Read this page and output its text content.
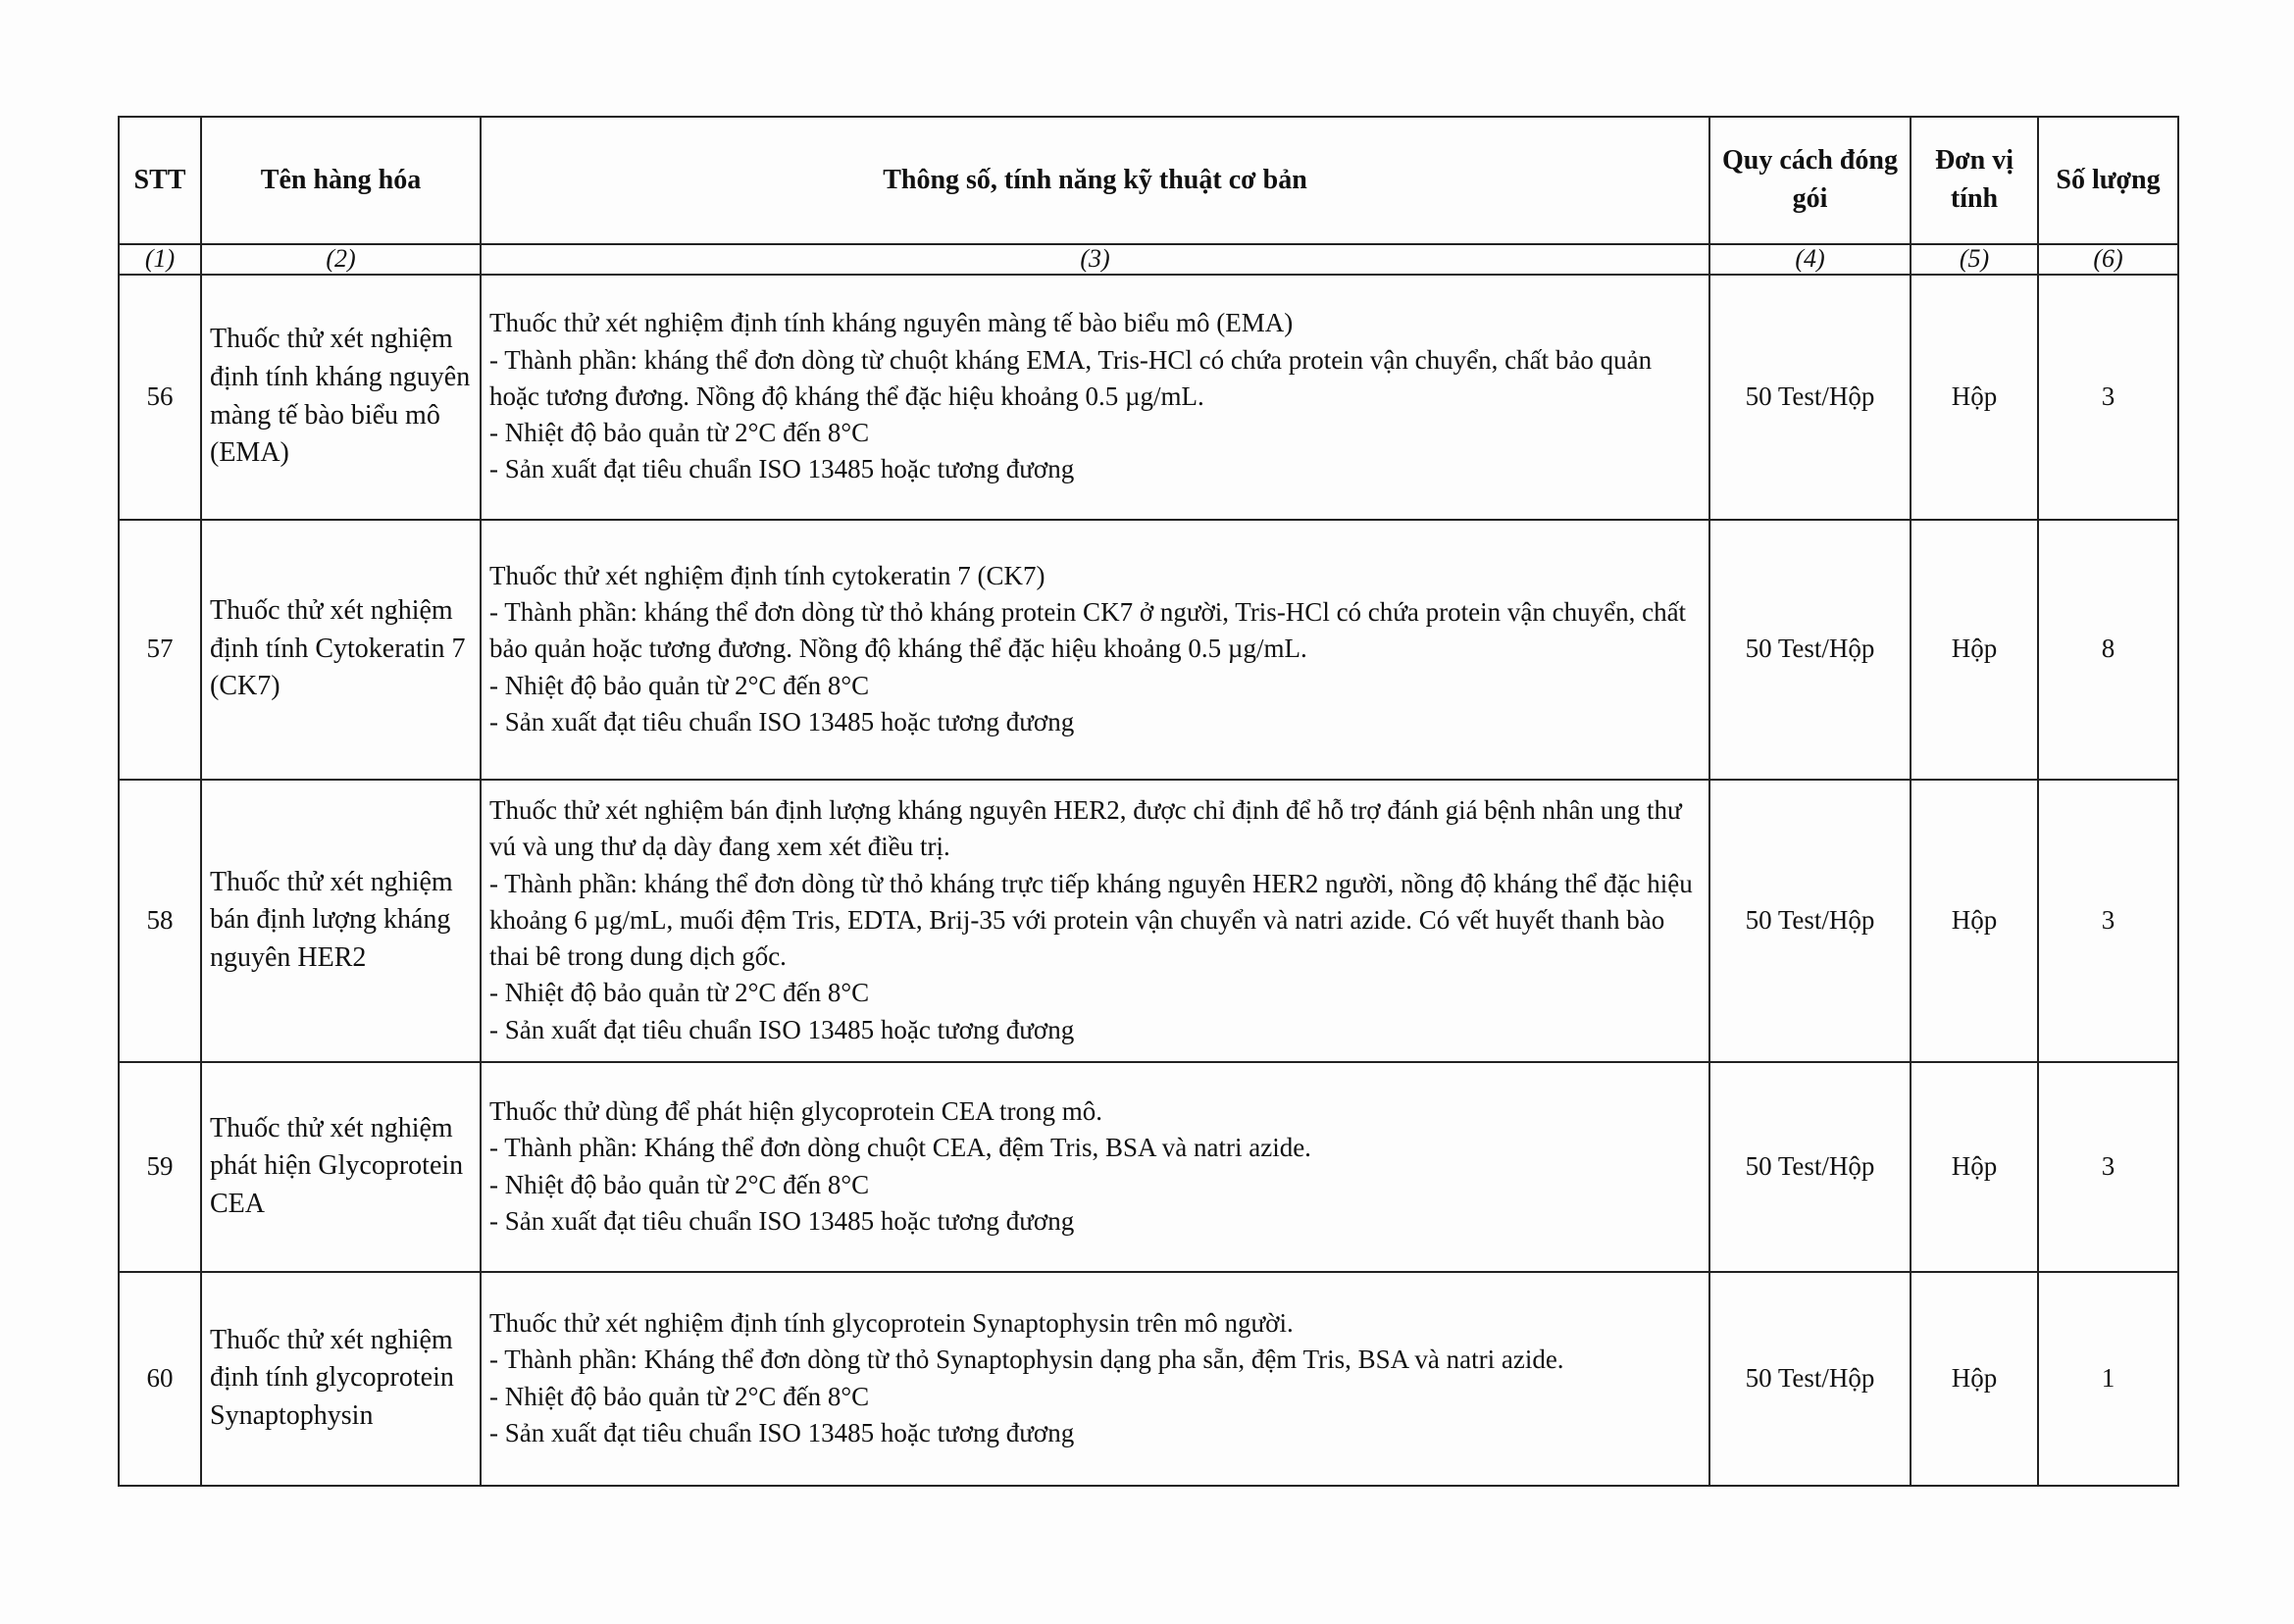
STT	Tên hàng hóa	Thông số, tính năng kỹ thuật cơ bản	Quy cách đóng gói	Đơn vị tính	Số lượng
(1)	(2)	(3)	(4)	(5)	(6)
56	Thuốc thử xét nghiệm định tính kháng nguyên màng tế bào biểu mô (EMA)	Thuốc thử xét nghiệm định tính kháng nguyên màng tế bào biểu mô (EMA)
- Thành phần: kháng thể đơn dòng từ chuột kháng EMA, Tris-HCl có chứa protein vận chuyển, chất bảo quản hoặc tương đương. Nồng độ kháng thể đặc hiệu khoảng 0.5 µg/mL.
- Nhiệt độ bảo quản từ 2°C đến 8°C
- Sản xuất đạt tiêu chuẩn ISO 13485 hoặc tương đương	50 Test/Hộp	Hộp	3
57	Thuốc thử xét nghiệm định tính Cytokeratin 7 (CK7)	Thuốc thử xét nghiệm định tính cytokeratin 7 (CK7)
- Thành phần: kháng thể đơn dòng từ thỏ kháng protein CK7 ở người, Tris-HCl có chứa protein vận chuyển, chất bảo quản hoặc tương đương. Nồng độ kháng thể đặc hiệu khoảng 0.5 µg/mL.
- Nhiệt độ bảo quản từ 2°C đến 8°C
- Sản xuất đạt tiêu chuẩn ISO 13485 hoặc tương đương	50 Test/Hộp	Hộp	8
58	Thuốc thử xét nghiệm bán định lượng kháng nguyên HER2	Thuốc thử xét nghiệm bán định lượng kháng nguyên HER2, được chỉ định để hỗ trợ đánh giá bệnh nhân ung thư vú và ung thư dạ dày đang xem xét điều trị.
- Thành phần: kháng thể đơn dòng từ thỏ kháng trực tiếp kháng nguyên HER2 người, nồng độ kháng thể đặc hiệu khoảng 6 µg/mL, muối đệm Tris, EDTA, Brij-35 với protein vận chuyển và natri azide. Có vết huyết thanh bào thai bê trong dung dịch gốc.
- Nhiệt độ bảo quản từ 2°C đến 8°C
- Sản xuất đạt tiêu chuẩn ISO 13485 hoặc tương đương	50 Test/Hộp	Hộp	3
59	Thuốc thử xét nghiệm phát hiện Glycoprotein CEA	Thuốc thử dùng để phát hiện glycoprotein CEA trong mô.
- Thành phần: Kháng thể đơn dòng chuột CEA, đệm Tris, BSA và natri azide.
- Nhiệt độ bảo quản từ 2°C đến 8°C
- Sản xuất đạt tiêu chuẩn ISO 13485 hoặc tương đương	50 Test/Hộp	Hộp	3
60	Thuốc thử xét nghiệm định tính glycoprotein Synaptophysin	Thuốc thử xét nghiệm định tính glycoprotein Synaptophysin trên mô người.
- Thành phần: Kháng thể đơn dòng từ thỏ Synaptophysin dạng pha sẵn, đệm Tris, BSA và natri azide.
- Nhiệt độ bảo quản từ 2°C đến 8°C
- Sản xuất đạt tiêu chuẩn ISO 13485 hoặc tương đương	50 Test/Hộp	Hộp	1
